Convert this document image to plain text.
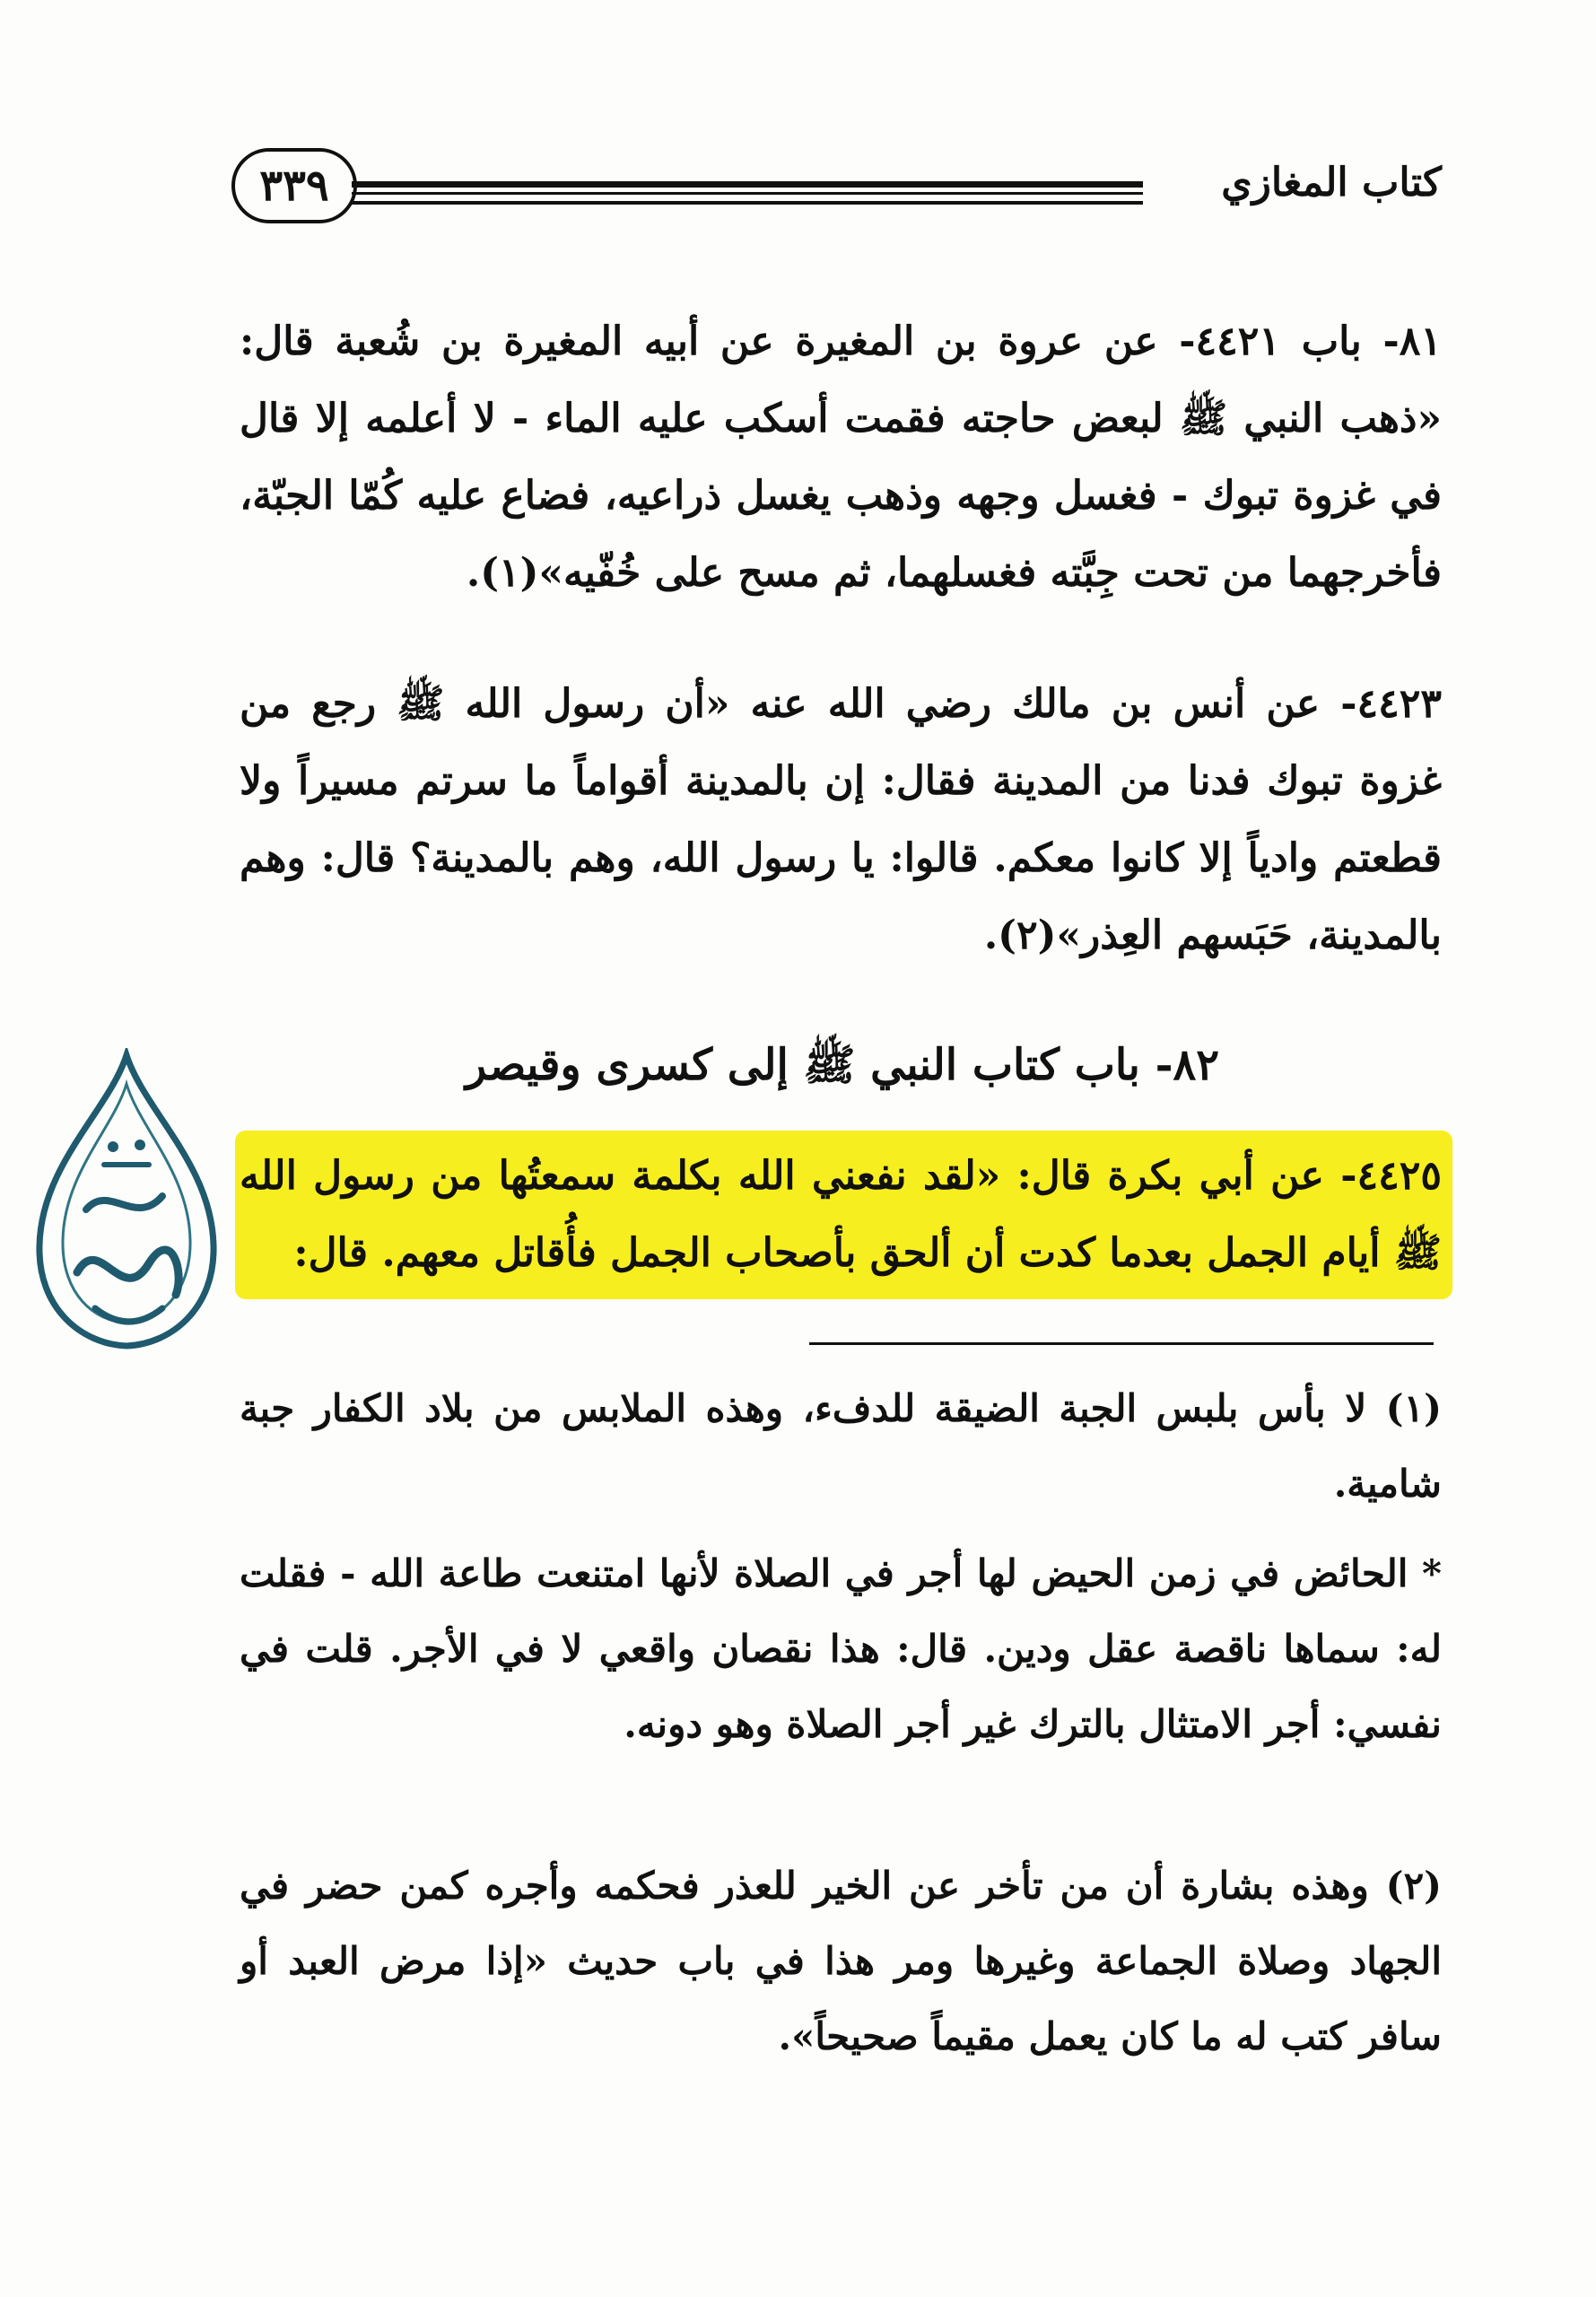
كتاب المغازي
٣٣٩
٨١- باب ٤٤٢١- عن عروة بن المغيرة عن أبيه المغيرة بن شُعبة قال: «ذهب النبي ﷺ لبعض حاجته فقمت أسكب عليه الماء - لا أعلمه إلا قال في غزوة تبوك - فغسل وجهه وذهب يغسل ذراعيه، فضاع عليه كُمّا الجبّة، فأخرجهما من تحت جِبَّته فغسلهما، ثم مسح على خُفّيه»(١).
٤٤٢٣- عن أنس بن مالك رضي الله عنه «أن رسول الله ﷺ رجع من غزوة تبوك فدنا من المدينة فقال: إن بالمدينة أقواماً ما سرتم مسيراً ولا قطعتم وادياً إلا كانوا معكم. قالوا: يا رسول الله، وهم بالمدينة؟ قال: وهم بالمدينة، حَبَسهم العِذر»(٢).
٨٢- باب كتاب النبي ﷺ إلى كسرى وقيصر
٤٤٢٥- عن أبي بكرة قال: «لقد نفعني الله بكلمة سمعتُها من رسول الله ﷺ أيام الجمل بعدما كدت أن ألحق بأصحاب الجمل فأُقاتل معهم. قال:
(١) لا بأس بلبس الجبة الضيقة للدفء، وهذه الملابس من بلاد الكفار جبة شامية.
* الحائض في زمن الحيض لها أجر في الصلاة لأنها امتنعت طاعة الله - فقلت له: سماها ناقصة عقل ودين. قال: هذا نقصان واقعي لا في الأجر. قلت في نفسي: أجر الامتثال بالترك غير أجر الصلاة وهو دونه.
(٢) وهذه بشارة أن من تأخر عن الخير للعذر فحكمه وأجره كمن حضر في الجهاد وصلاة الجماعة وغيرها ومر هذا في باب حديث «إذا مرض العبد أو سافر كتب له ما كان يعمل مقيماً صحيحاً».
